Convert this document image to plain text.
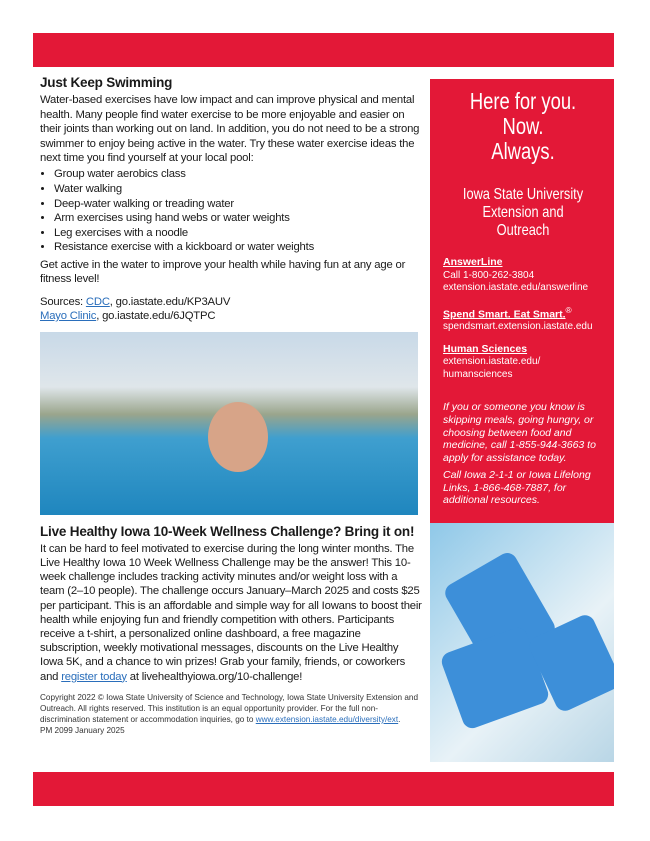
Just Keep Swimming

Water-based exercises have low impact and can improve physical and mental health. Many people find water exercise to be more enjoyable and easier on their joints than working out on land. In addition, you do not need to be a strong swimmer to enjoy being active in the water. Try these water exercise ideas the next time you find yourself at your local pool:

• Group water aerobics class
• Water walking
• Deep-water walking or treading water
• Arm exercises using hand webs or water weights
• Leg exercises with a noodle
• Resistance exercise with a kickboard or water weights

Get active in the water to improve your health while having fun at any age or fitness level!

Sources: CDC, go.iastate.edu/KP3AUV
Mayo Clinic, go.iastate.edu/6JQTPC

Live Healthy Iowa 10-Week Wellness Challenge? Bring it on!

It can be hard to feel motivated to exercise during the long winter months. The Live Healthy Iowa 10 Week Wellness Challenge may be the answer! This 10-week challenge includes tracking activity minutes and/or weight loss with a team (2–10 people). The challenge occurs January–March 2025 and costs $25 per participant. This is an affordable and simple way for all Iowans to boost their health while enjoying fun and friendly competition with others. Participants receive a t-shirt, a personalized online dashboard, a free magazine subscription, weekly motivational messages, discounts on the Live Healthy Iowa 5K, and a chance to win prizes! Grab your family, friends, or coworkers and register today at livehealthyiowa.org/10-challenge!

Copyright 2022 © Iowa State University of Science and Technology, Iowa State University Extension and Outreach. All rights reserved. This institution is an equal opportunity provider. For the full non-discrimination statement or accommodation inquiries, go to www.extension.iastate.edu/diversity/ext.
PM 2099 January 2025
Here for you.
Now.
Always.
Iowa State University
Extension and Outreach
AnswerLine
Call 1-800-262-3804
extension.iastate.edu/answerline
Spend Smart. Eat Smart.®
spendsmart.extension.iastate.edu
Human Sciences
extension.iastate.edu/
humansciences

If you or someone you know is skipping meals, going hungry, or choosing between food and medicine, call 1-855-944-3663 to apply for assistance today.

Call Iowa 2-1-1 or Iowa Lifelong Links, 1-866-468-7887, for additional resources.
